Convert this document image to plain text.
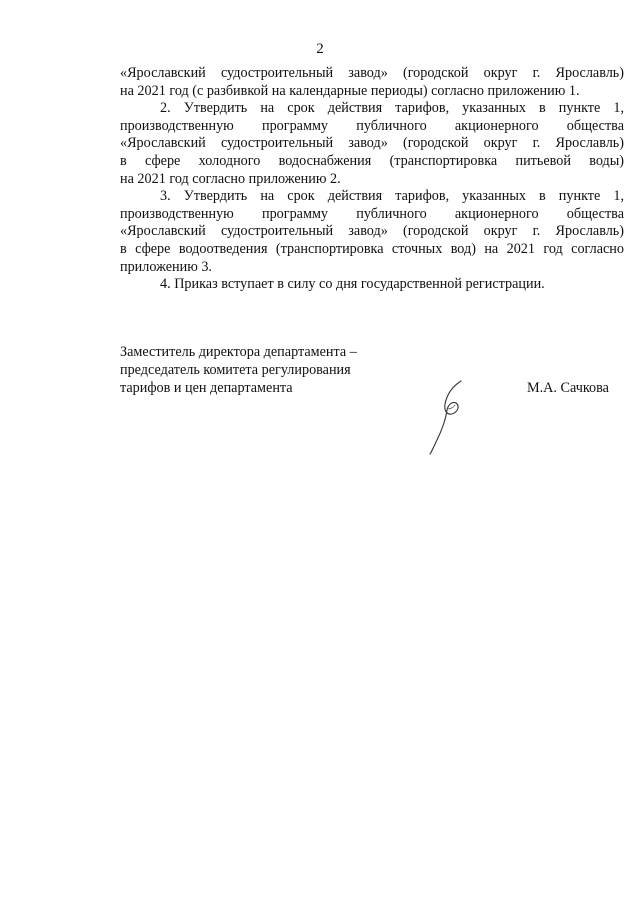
2
«Ярославский судостроительный завод» (городской округ г. Ярославль)
на 2021 год (с разбивкой на календарные периоды) согласно приложению 1.
2. Утвердить на срок действия тарифов, указанных в пункте 1,
производственную программу публичного акционерного общества
«Ярославский судостроительный завод» (городской округ г. Ярославль)
в сфере холодного водоснабжения (транспортировка питьевой воды)
на 2021 год согласно приложению 2.
3. Утвердить на срок действия тарифов, указанных в пункте 1,
производственную программу публичного акционерного общества
«Ярославский судостроительный завод» (городской округ г. Ярославль)
в сфере водоотведения (транспортировка сточных вод) на 2021 год согласно
приложению 3.
4. Приказ вступает в силу со дня государственной регистрации.
Заместитель директора департамента –
председатель комитета регулирования
тарифов и цен департамента	М.А. Сачкова
